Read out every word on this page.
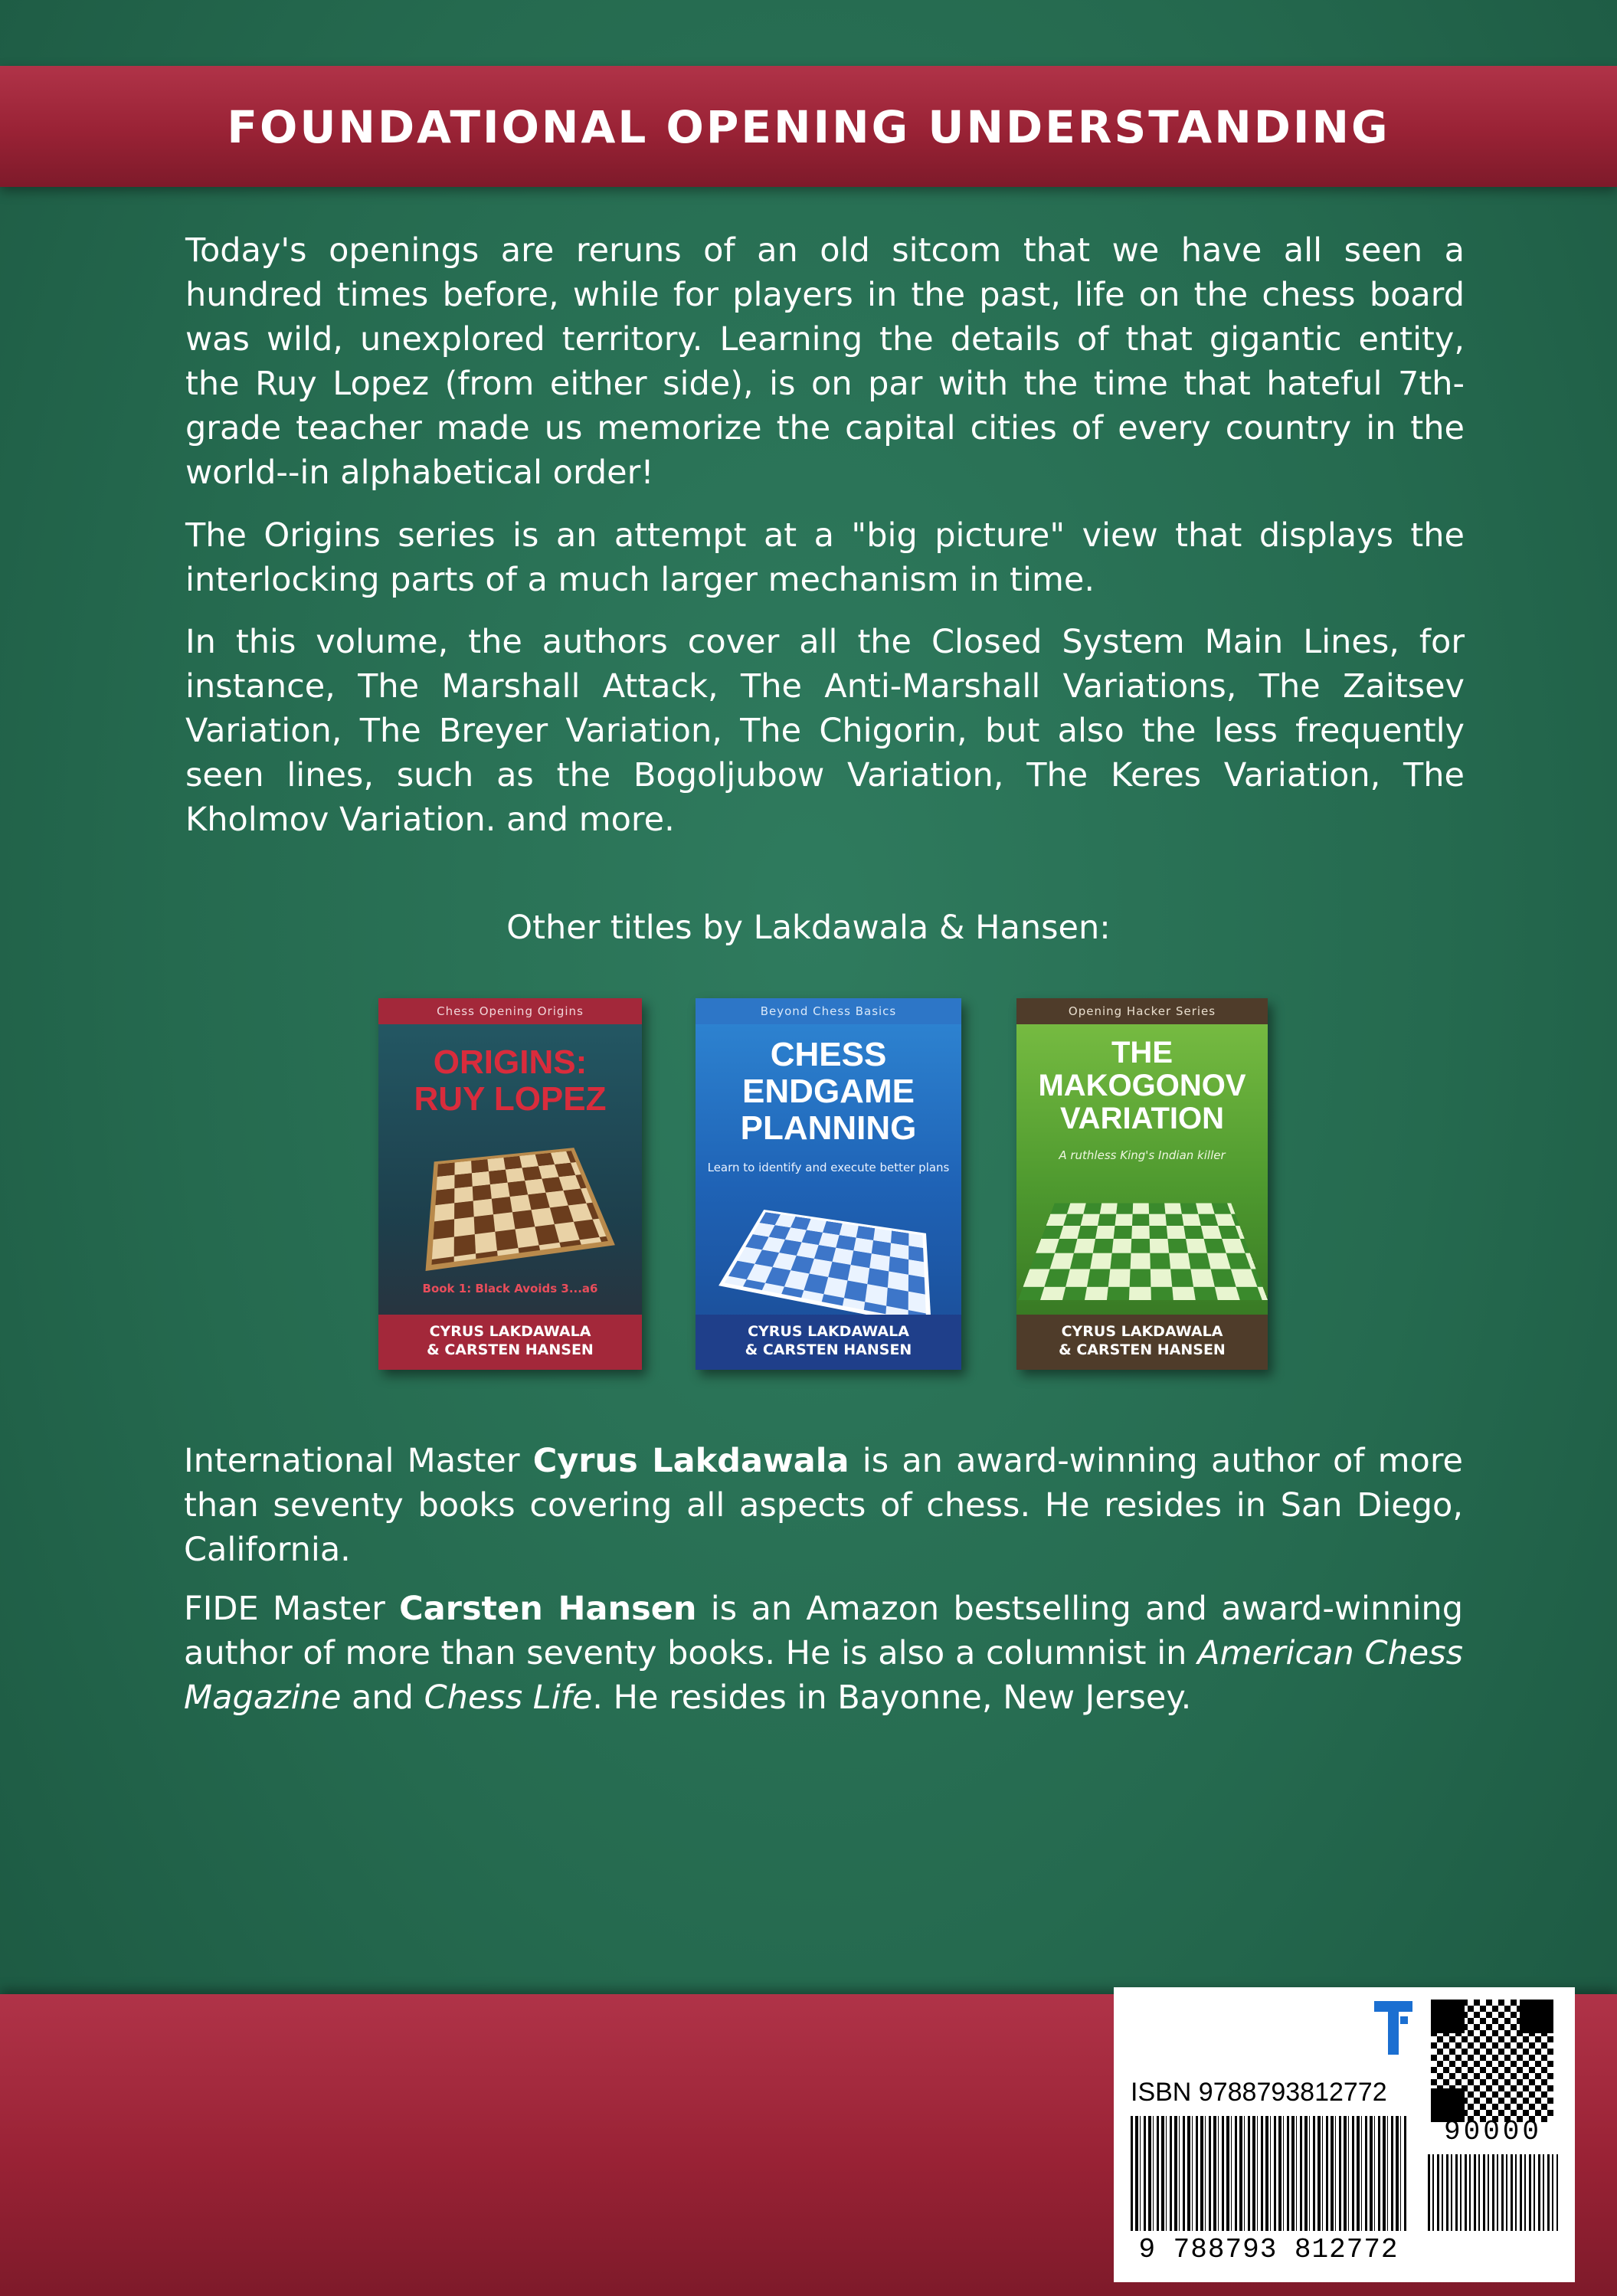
FOUNDATIONAL OPENING UNDERSTANDING

Today's openings are reruns of an old sitcom that we have all seen a hundred times before, while for players in the past, life on the chess board was wild, unexplored territory. Learning the details of that gigantic entity, the Ruy Lopez (from either side), is on par with the time that hateful 7th-grade teacher made us memorize the capital cities of every country in the world--in alphabetical order!

The Origins series is an attempt at a "big picture" view that displays the interlocking parts of a much larger mechanism in time.

In this volume, the authors cover all the Closed System Main Lines, for instance, The Marshall Attack, The Anti-Marshall Variations, The Zaitsev Variation, The Breyer Variation, The Chigorin, but also the less frequently seen lines, such as the Bogoljubow Variation, The Keres Variation, The Kholmov Variation. and more.

Other titles by Lakdawala & Hansen:
Chess Opening Origins
ORIGINS:
RUY LOPEZ
Book 1: Black Avoids 3...a6
CYRUS LAKDAWALA
& CARSTEN HANSEN
Beyond Chess Basics
CHESS
ENDGAME
PLANNING
Learn to identify and execute better plans
CYRUS LAKDAWALA
& CARSTEN HANSEN
Opening Hacker Series
THE
MAKOGONOV
VARIATION
A ruthless King's Indian killer
CYRUS LAKDAWALA
& CARSTEN HANSEN

International Master Cyrus Lakdawala is an award-winning author of more than seventy books covering all aspects of chess. He resides in San Diego, California.

FIDE Master Carsten Hansen is an Amazon bestselling and award-winning author of more than seventy books. He is also a columnist in American Chess Magazine and Chess Life. He resides in Bayonne, New Jersey.

ISBN 9788793812772
90000
9 788793 812772
